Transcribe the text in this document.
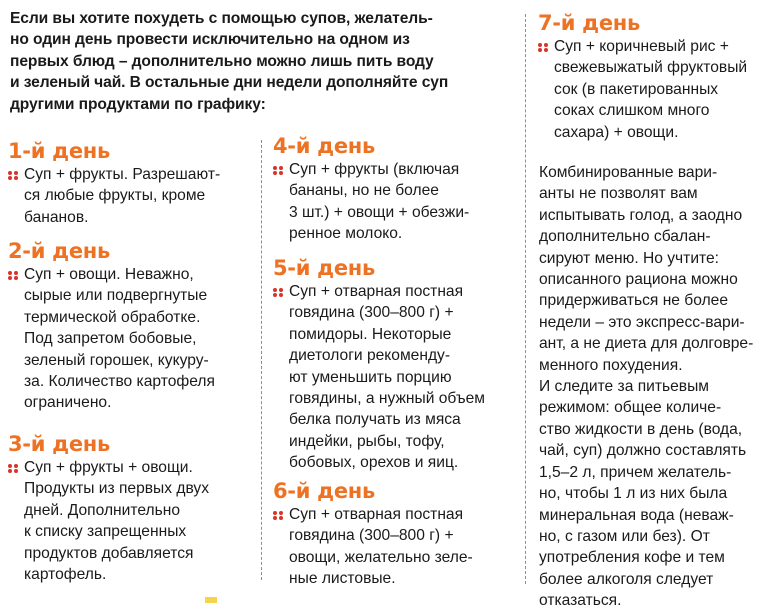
Если вы хотите похудеть с помощью супов, желатель-
но один день провести исключительно на одном из
первых блюд – дополнительно можно лишь пить воду
и зеленый чай. В остальные дни недели дополняйте суп
другими продуктами по графику:
1-й день

Суп + фрукты. Разрешают-
ся любые фрукты, кроме
бананов.

2-й день

Суп + овощи. Неважно,
сырые или подвергнутые
термической обработке.
Под запретом бобовые,
зеленый горошек, кукуру-
за. Количество картофеля
ограничено.

3-й день

Суп + фрукты + овощи.
Продукты из первых двух
дней. Дополнительно
к списку запрещенных
продуктов добавляется
картофель.

4-й день

Суп + фрукты (включая
бананы, но не более
3 шт.) + овощи + обезжи-
ренное молоко.

5-й день

Суп + отварная постная
говядина (300–800 г) +
помидоры. Некоторые
диетологи рекоменду-
ют уменьшить порцию
говядины, а нужный объем
белка получать из мяса
индейки, рыбы, тофу,
бобовых, орехов и яиц.

6-й день

Суп + отварная постная
говядина (300–800 г) +
овощи, желательно зеле-
ные листовые.

7-й день

Суп + коричневый рис +
свежевыжатый фруктовый
сок (в пакетированных
соках слишком много
сахара) + овощи.

Комбинированные вари-
анты не позволят вам
испытывать голод, а заодно
дополнительно сбалан-
сируют меню. Но учтите:
описанного рациона можно
придерживаться не более
недели – это экспресс-вари-
ант, а не диета для долговре-
менного похудения.
И следите за питьевым
режимом: общее количе-
ство жидкости в день (вода,
чай, суп) должно составлять
1,5–2 л, причем желатель-
но, чтобы 1 л из них была
минеральная вода (неваж-
но, с газом или без). От
употребления кофе и тем
более алкоголя следует
отказаться.
